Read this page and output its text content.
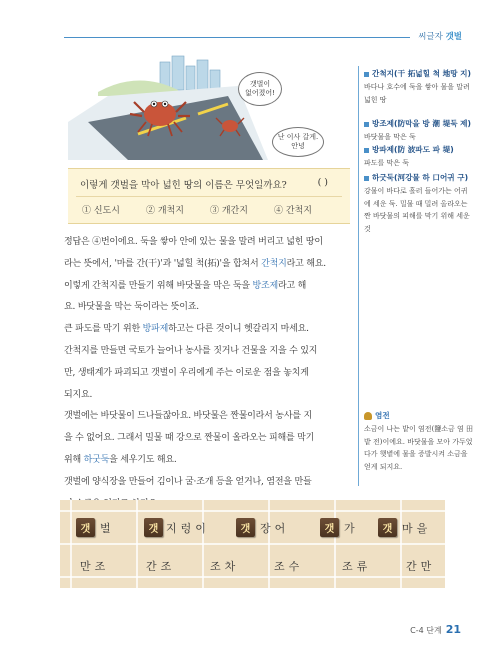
씨글자 갯벌
갯벌이
없어졌어!
난 이사 갈게.
안녕
이렇게 갯벌을 막아 넓힌 땅의 이름은 무엇일까요?	( )
① 신도시	② 개척지	③ 개간지	④ 간척지
정답은 ④번이에요. 둑을 쌓아 안에 있는 물을 말려 버리고 넓힌 땅이
라는 뜻에서, '마를 간(干)'과 '넓힐 척(拓)'을 합쳐서 간척지라고 해요.
이렇게 간척지를 만들기 위해 바닷물을 막은 둑을 방조제라고 해
요. 바닷물을 막는 둑이라는 뜻이죠.
큰 파도를 막기 위한 방파제하고는 다른 것이니 헷갈리지 마세요.
간척지를 만들면 국토가 늘어나 농사를 짓거나 건물을 지을 수 있지
만, 생태계가 파괴되고 갯벌이 우리에게 주는 이로운 점을 놓치게
되지요.
갯벌에는 바닷물이 드나들잖아요. 바닷물은 짠물이라서 농사를 지
을 수 없어요. 그래서 밀물 때 강으로 짠물이 올라오는 피해를 막기
위해 하굿둑을 세우기도 해요.
갯벌에 양식장을 만들어 김이나 굴·조개 등을 얻거나, 염전을 만들
간척지(干 拓넓힐 척 地땅 지)
바다나 호수에 둑을 쌓아 물을 말려 넓힌 땅
방조제(防막을 방 潮 堤둑 제)
바닷물을 막은 둑
방파제(防 波파도 파 堤)
파도를 막은 둑
하굿둑(河강물 하 口어귀 구)
강물이 바다로 흘러 들어가는 어귀에 세운 둑. 밀물 때 밀려 올라오는 짠 바닷물의 피해를 막기 위해 세운 것
염전
소금이 나는 밭이 염전(鹽소금 염 田밭 전)이에요. 바닷물을 모아 가두었다가 햇볕에 물을 증발시켜 소금을 얻게 되지요.
갯 벌	갯 지렁이	갯 장어	갯 가	갯 마을
만조	간조	조차	조수	조류	간만
C-4 단계 21
